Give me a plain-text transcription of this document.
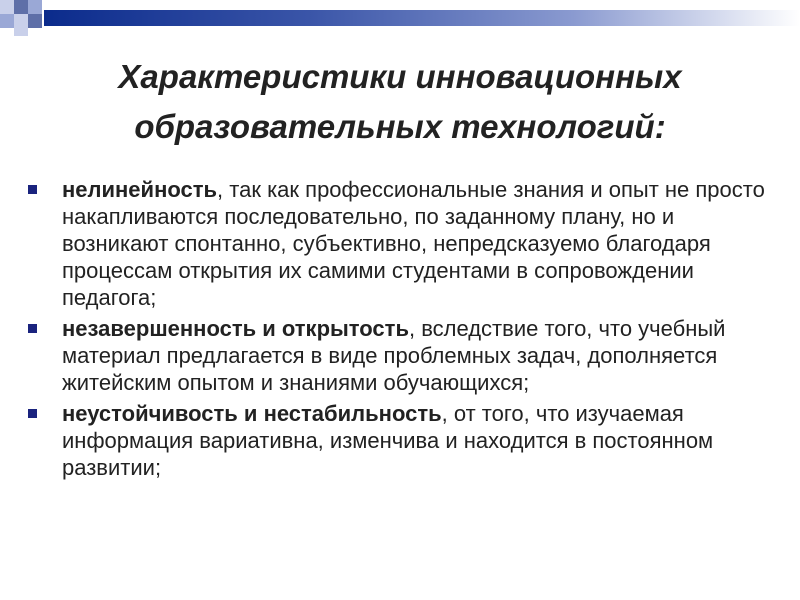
Характеристики инновационных
образовательных технологий:
нелинейность, так как профессиональные знания и опыт не просто накапливаются последовательно, по заданному плану, но и возникают спонтанно, субъективно, непредсказуемо благодаря процессам открытия их самими студентами в сопровождении педагога;
незавершенность и открытость, вследствие того, что учебный материал предлагается в виде проблемных задач, дополняется житейским опытом и знаниями обучающихся;
неустойчивость и нестабильность, от того, что изучаемая информация вариативна, изменчива и находится в постоянном развитии;
